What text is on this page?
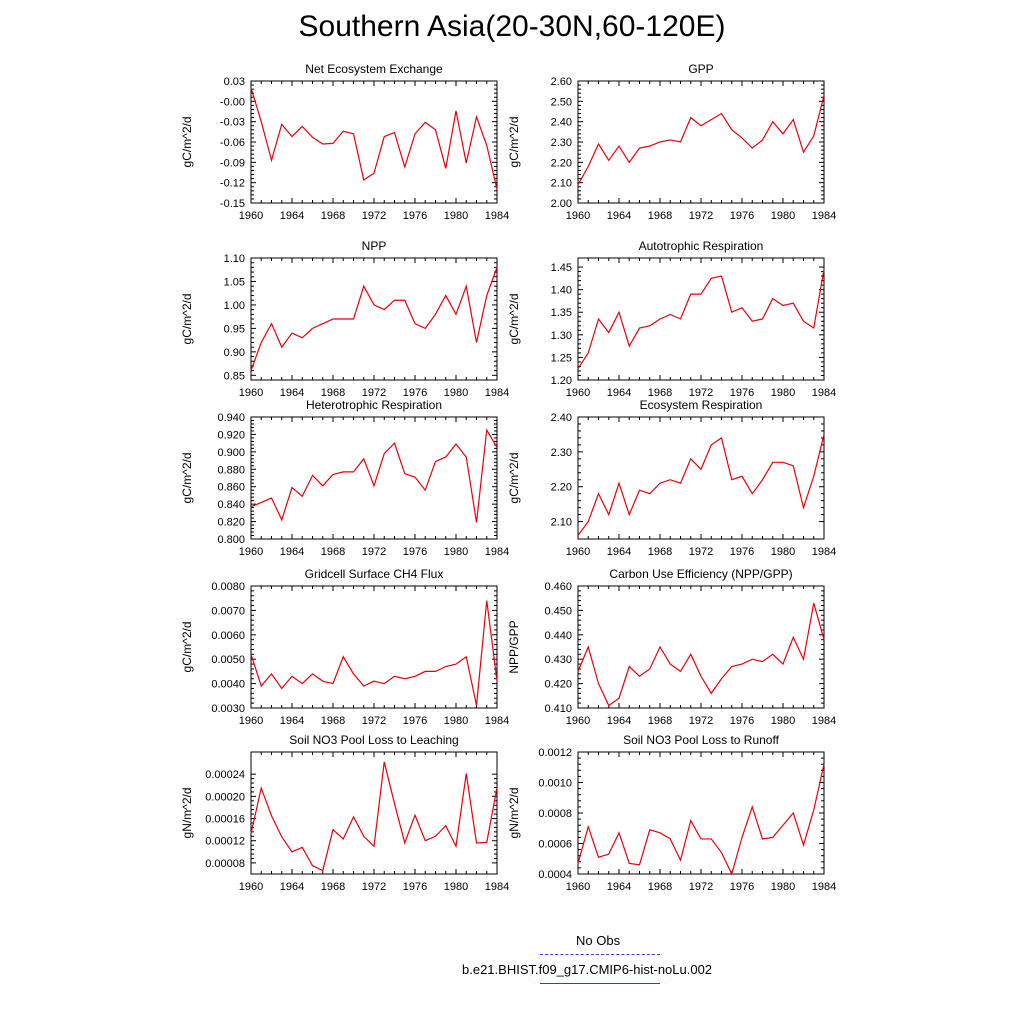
Southern Asia(20-30N,60-120E)
Net Ecosystem Exchange
gC/m^2/d
0.03
-0.00
-0.03
-0.06
-0.09
-0.12
-0.15
1960 1964 1968 1972 1976 1980 1984
GPP
gC/m^2/d
2.60
2.50
2.40
2.30
2.20
2.10
2.00
1960 1964 1968 1972 1976 1980 1984
NPP
gC/m^2/d
1.10
1.05
1.00
0.95
0.90
0.85
1960 1964 1968 1972 1976 1980 1984
Autotrophic Respiration
gC/m^2/d
1.45
1.40
1.35
1.30
1.25
1.20
1960 1964 1968 1972 1976 1980 1984
Heterotrophic Respiration
gC/m^2/d
0.940
0.920
0.900
0.880
0.860
0.840
0.820
0.800
1960 1964 1968 1972 1976 1980 1984
Ecosystem Respiration
gC/m^2/d
2.40
2.30
2.20
2.10
1960 1964 1968 1972 1976 1980 1984
Gridcell Surface CH4 Flux
gC/m^2/d
0.0080
0.0070
0.0060
0.0050
0.0040
0.0030
1960 1964 1968 1972 1976 1980 1984
Carbon Use Efficiency (NPP/GPP)
NPP/GPP
0.460
0.450
0.440
0.430
0.420
0.410
1960 1964 1968 1972 1976 1980 1984
Soil NO3 Pool Loss to Leaching
gN/m^2/d
0.00024
0.00020
0.00016
0.00012
0.00008
1960 1964 1968 1972 1976 1980 1984
Soil NO3 Pool Loss to Runoff
gN/m^2/d
0.0012
0.0010
0.0008
0.0006
0.0004
1960 1964 1968 1972 1976 1980 1984
No Obs
b.e21.BHIST.f09_g17.CMIP6-hist-noLu.002
